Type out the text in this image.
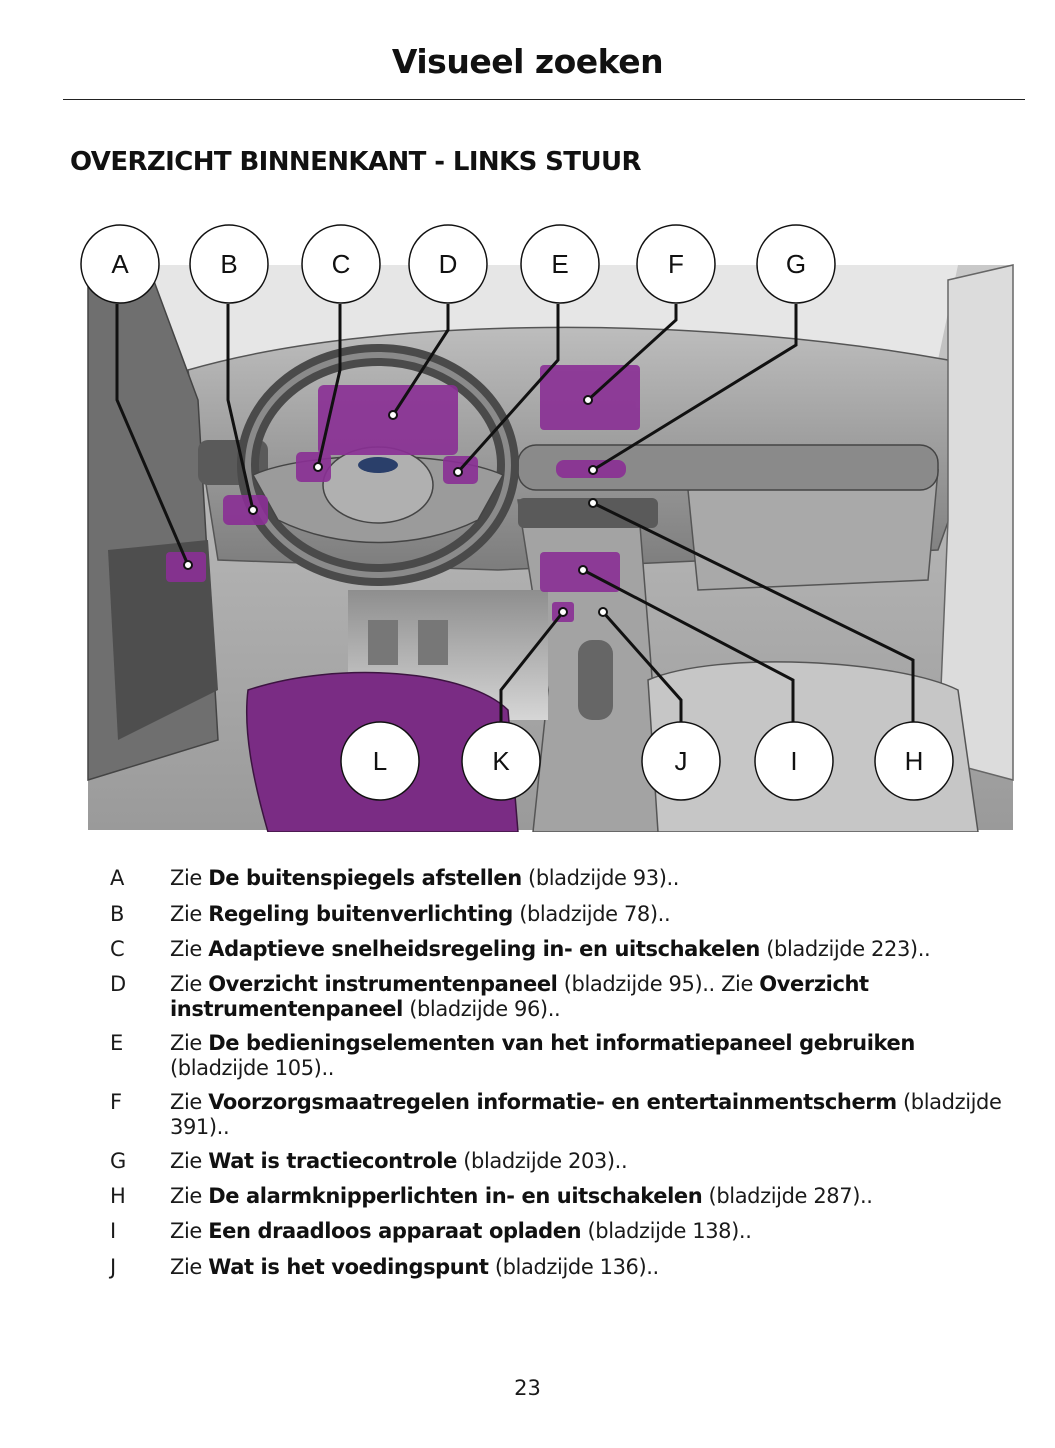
Visueel zoeken
OVERZICHT BINNENKANT - LINKS STUUR
A	B	C	D	E	F	G
L	K	J	I	H
A	Zie De buitenspiegels afstellen (bladzijde 93)..
B	Zie Regeling buitenverlichting (bladzijde 78)..
C	Zie Adaptieve snelheidsregeling in- en uitschakelen (bladzijde 223)..
D	Zie Overzicht instrumentenpaneel (bladzijde 95).. Zie Overzicht instrumentenpaneel (bladzijde 96)..
E	Zie De bedieningselementen van het informatiepaneel gebruiken (bladzijde 105)..
F	Zie Voorzorgsmaatregelen informatie- en entertainmentscherm (bladzijde 391)..
G	Zie Wat is tractiecontrole (bladzijde 203)..
H	Zie De alarmknipperlichten in- en uitschakelen (bladzijde 287)..
I	Zie Een draadloos apparaat opladen (bladzijde 138)..
J	Zie Wat is het voedingspunt (bladzijde 136)..
23
